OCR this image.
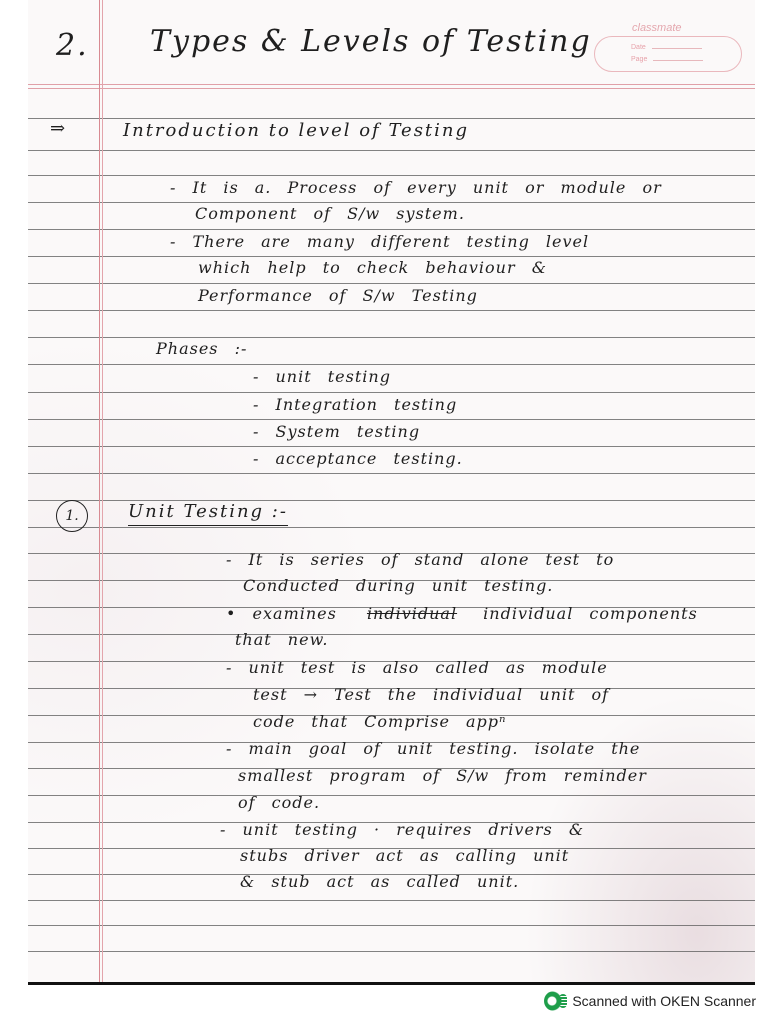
classmate
Date
Page
2. Types & Levels of Testing
⇒	Introduction to level of Testing
- It is a. Process of every unit or module or
Component of S/w system.
- There are many different testing level
which help to check behaviour &
Performance of S/w Testing
Phases :-
- unit testing
- Integration testing
- System testing
- acceptance testing.
1.	Unit Testing :-
- It is series of stand alone test to
Conducted during unit testing.
• examines individual individual components
that new.
- unit test is also called as module
test → Test the individual unit of
code that Comprise appⁿ
- main goal of unit testing. isolate the
smallest program of S/w from reminder
of code.
- unit testing · requires drivers &
stubs driver act as calling unit
& stub act as called unit.
Scanned with OKEN Scanner
